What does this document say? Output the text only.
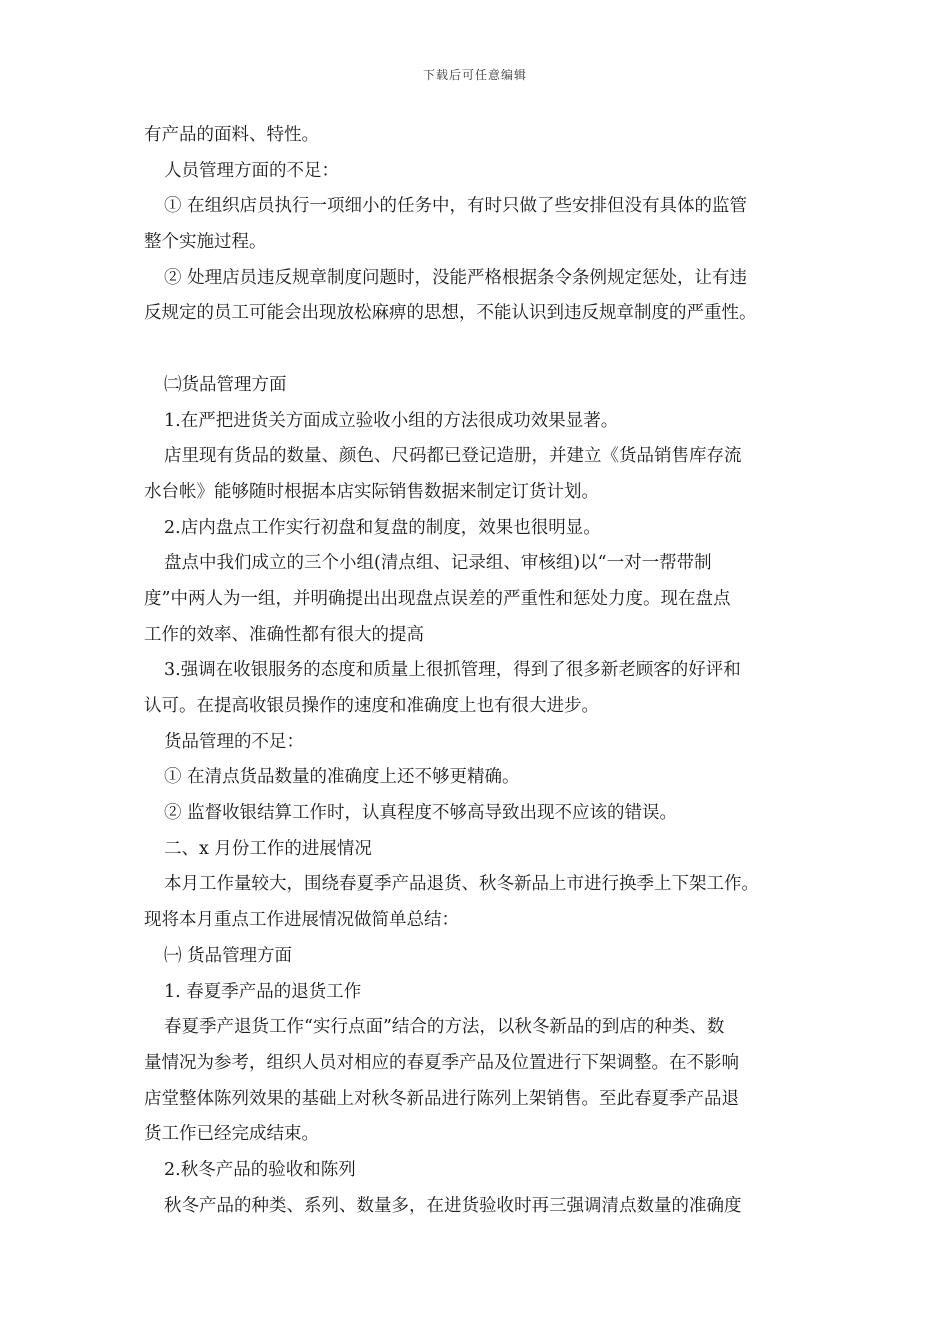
下载后可任意编辑
有产品的面料、特性。
人员管理方面的不足：
① 在组织店员执行一项细小的任务中，有时只做了些安排但没有具体的监管
整个实施过程。
② 处理店员违反规章制度问题时，没能严格根据条令条例规定惩处，让有违
反规定的员工可能会出现放松麻痹的思想，不能认识到违反规章制度的严重性。
㈡货品管理方面
1.在严把进货关方面成立验收小组的方法很成功效果显著。
店里现有货品的数量、颜色、尺码都已登记造册，并建立《货品销售库存流
水台帐》能够随时根据本店实际销售数据来制定订货计划。
2.店内盘点工作实行初盘和复盘的制度，效果也很明显。
盘点中我们成立的三个小组(清点组、记录组、审核组)以“一对一帮带制
度”中两人为一组，并明确提出出现盘点误差的严重性和惩处力度。现在盘点
工作的效率、准确性都有很大的提高
3.强调在收银服务的态度和质量上很抓管理，得到了很多新老顾客的好评和
认可。在提高收银员操作的速度和准确度上也有很大进步。
货品管理的不足：
① 在清点货品数量的准确度上还不够更精确。
② 监督收银结算工作时，认真程度不够高导致出现不应该的错误。
二、x 月份工作的进展情况
本月工作量较大，围绕春夏季产品退货、秋冬新品上市进行换季上下架工作。
现将本月重点工作进展情况做简单总结：
㈠ 货品管理方面
1. 春夏季产品的退货工作
春夏季产退货工作“实行点面”结合的方法，以秋冬新品的到店的种类、数
量情况为参考，组织人员对相应的春夏季产品及位置进行下架调整。在不影响
店堂整体陈列效果的基础上对秋冬新品进行陈列上架销售。至此春夏季产品退
货工作已经完成结束。
2.秋冬产品的验收和陈列
秋冬产品的种类、系列、数量多，在进货验收时再三强调清点数量的准确度
